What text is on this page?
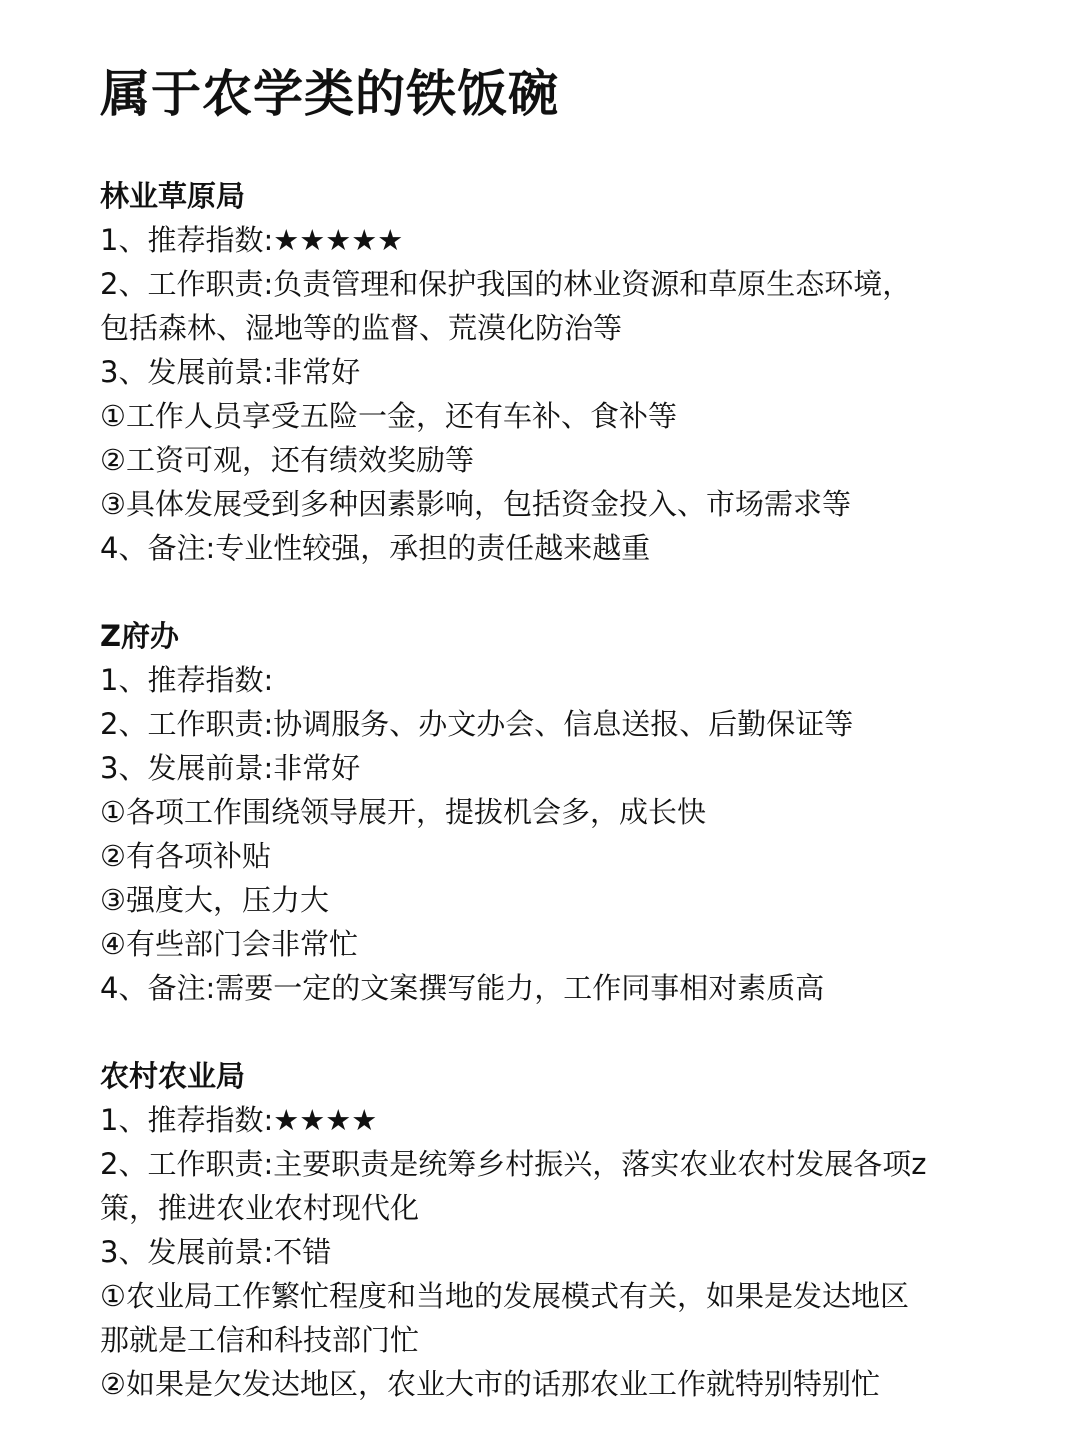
属于农学类的铁饭碗

林业草原局

1、推荐指数:★★★★★

2、工作职责:负责管理和保护我国的林业资源和草原生态环境，

包括森林、湿地等的监督、荒漠化防治等

3、发展前景:非常好

①工作人员享受五险一金，还有车补、食补等

②工资可观，还有绩效奖励等

③具体发展受到多种因素影响，包括资金投入、市场需求等

4、备注:专业性较强，承担的责任越来越重

Z府办

1、推荐指数:

2、工作职责:协调服务、办文办会、信息送报、后勤保证等

3、发展前景:非常好

①各项工作围绕领导展开，提拔机会多，成长快

②有各项补贴

③强度大，压力大

④有些部门会非常忙

4、备注:需要一定的文案撰写能力，工作同事相对素质高

农村农业局

1、推荐指数:★★★★

2、工作职责:主要职责是统筹乡村振兴，落实农业农村发展各项z

策，推进农业农村现代化

3、发展前景:不错

①农业局工作繁忙程度和当地的发展模式有关，如果是发达地区

那就是工信和科技部门忙

②如果是欠发达地区，农业大市的话那农业工作就特别特别忙
